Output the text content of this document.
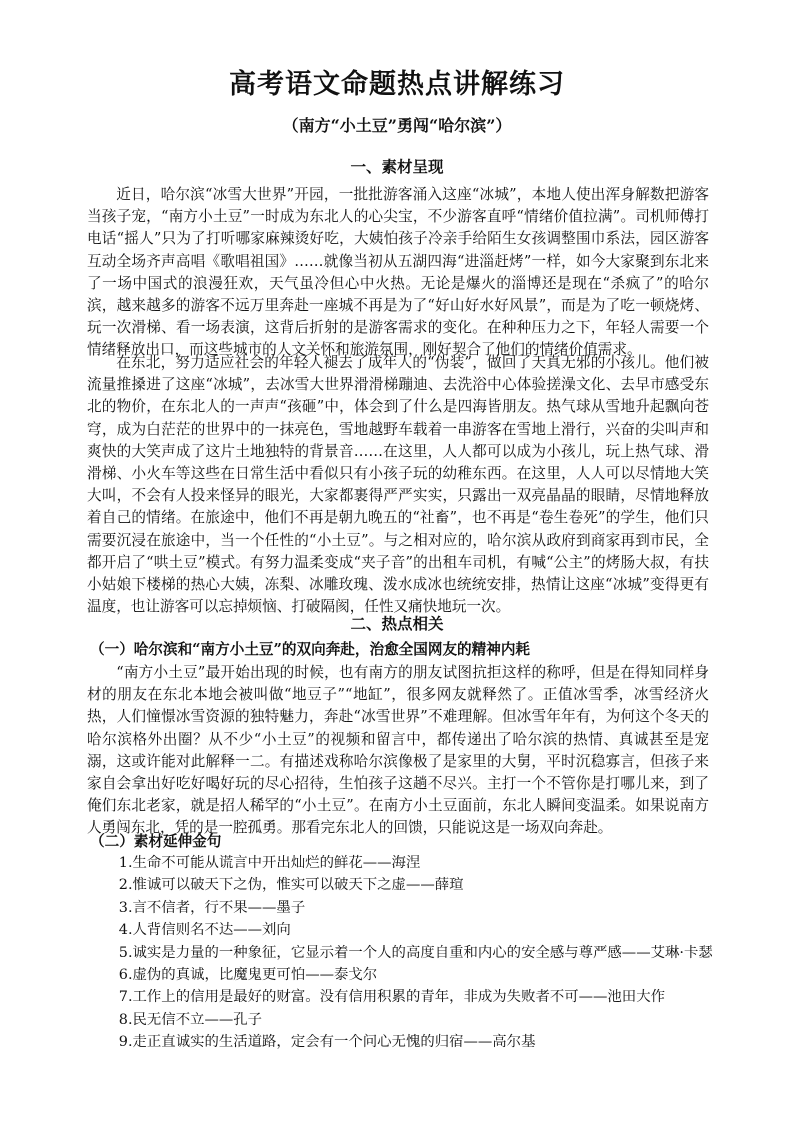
高考语文命题热点讲解练习
（南方“小土豆”勇闯“哈尔滨”）
一、素材呈现

近日，哈尔滨“冰雪大世界”开园，一批批游客涌入这座“冰城”，本地人使出浑身解数把游客当孩子宠，“南方小土豆”一时成为东北人的心尖宝，不少游客直呼“情绪价值拉满”。司机师傅打电话“摇人”只为了打听哪家麻辣烫好吃，大姨怕孩子冷亲手给陌生女孩调整围巾系法，园区游客互动全场齐声高唱《歌唱祖国》……就像当初从五湖四海“进淄赶烤”一样，如今大家聚到东北来了一场中国式的浪漫狂欢，天气虽冷但心中火热。无论是爆火的淄博还是现在“杀疯了”的哈尔滨，越来越多的游客不远万里奔赴一座城不再是为了“好山好水好风景”，而是为了吃一顿烧烤、玩一次滑梯、看一场表演，这背后折射的是游客需求的变化。在种种压力之下，年轻人需要一个情绪释放出口，而这些城市的人文关怀和旅游氛围，刚好契合了他们的情绪价值需求。

在东北，努力适应社会的年轻人褪去了成年人的“伪装”，做回了天真无邪的小孩儿。他们被流量推搡进了这座“冰城”，去冰雪大世界滑滑梯蹦迪、去洗浴中心体验搓澡文化、去早市感受东北的物价，在东北人的一声声“孩砸”中，体会到了什么是四海皆朋友。热气球从雪地升起飘向苍穹，成为白茫茫的世界中的一抹亮色，雪地越野车载着一串游客在雪地上滑行，兴奋的尖叫声和爽快的大笑声成了这片土地独特的背景音……在这里，人人都可以成为小孩儿，玩上热气球、滑滑梯、小火车等这些在日常生活中看似只有小孩子玩的幼稚东西。在这里，人人可以尽情地大笑大叫，不会有人投来怪异的眼光，大家都裹得严严实实，只露出一双亮晶晶的眼睛，尽情地释放着自己的情绪。在旅途中，他们不再是朝九晚五的“社畜”，也不再是“卷生卷死”的学生，他们只需要沉浸在旅途中，当一个任性的“小土豆”。与之相对应的，哈尔滨从政府到商家再到市民，全都开启了“哄土豆”模式。有努力温柔变成“夹子音”的出租车司机，有喊“公主”的烤肠大叔，有扶小姑娘下楼梯的热心大姨，冻梨、冰雕玫瑰、泼水成冰也统统安排，热情让这座“冰城”变得更有温度，也让游客可以忘掉烦恼、打破隔阂，任性又痛快地玩一次。

二、热点相关
（一）哈尔滨和“南方小土豆”的双向奔赴，治愈全国网友的精神内耗

“南方小土豆”最开始出现的时候，也有南方的朋友试图抗拒这样的称呼，但是在得知同样身材的朋友在东北本地会被叫做“地豆子”“地缸”，很多网友就释然了。正值冰雪季，冰雪经济火热，人们憧憬冰雪资源的独特魅力，奔赴“冰雪世界”不难理解。但冰雪年年有，为何这个冬天的哈尔滨格外出圈？从不少“小土豆”的视频和留言中，都传递出了哈尔滨的热情、真诚甚至是宠溺，这或许能对此解释一二。有描述戏称哈尔滨像极了是家里的大舅，平时沉稳寡言，但孩子来家自会拿出好吃好喝好玩的尽心招待，生怕孩子这趟不尽兴。主打一个不管你是打哪儿来，到了俺们东北老家，就是招人稀罕的“小土豆”。在南方小土豆面前，东北人瞬间变温柔。如果说南方人勇闯东北，凭的是一腔孤勇。那看完东北人的回馈，只能说这是一场双向奔赴。

（二）素材延伸金句
1.生命不可能从谎言中开出灿烂的鲜花——海涅
2.惟诚可以破天下之伪，惟实可以破天下之虚——薛瑄
3.言不信者，行不果——墨子
4.人背信则名不达——刘向
5.诚实是力量的一种象征，它显示着一个人的高度自重和内心的安全感与尊严感——艾琳·卡瑟
6.虚伪的真诚，比魔鬼更可怕——泰戈尔
7.工作上的信用是最好的财富。没有信用积累的青年，非成为失败者不可——池田大作
8.民无信不立——孔子
9.走正直诚实的生活道路，定会有一个问心无愧的归宿——高尔基
